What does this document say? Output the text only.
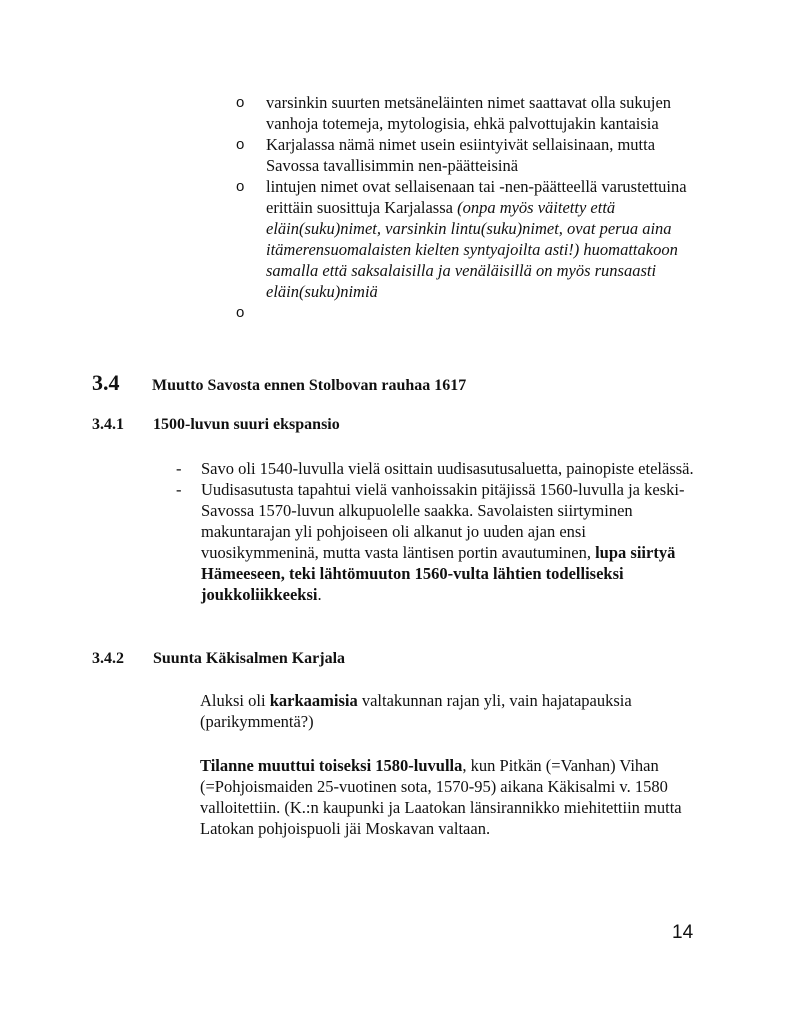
o varsinkin suurten metsäneläinten nimet saattavat olla sukujen vanhoja totemeja, mytologisia, ehkä palvottujakin kantaisia
o Karjalassa nämä nimet usein esiintyivät sellaisinaan, mutta Savossa tavallisimmin nen-päätteisinä
o lintujen nimet ovat sellaisenaan tai -nen-päätteellä varustettuina erittäin suosittuja Karjalassa (onpa myös väitetty että eläin(suku)nimet, varsinkin lintu(suku)nimet, ovat perua aina itämerensuomalaisten kielten syntyajoilta asti!) huomattakoon samalla että saksalaisilla ja venäläisillä on myös runsaasti eläin(suku)nimiä
o
3.4 Muutto Savosta ennen Stolbovan rauhaa 1617
3.4.1 1500-luvun suuri ekspansio
- Savo oli 1540-luvulla vielä osittain uudisasutusaluetta, painopiste etelässä.
- Uudisasutusta tapahtui vielä vanhoissakin pitäjissä 1560-luvulla ja keski-Savossa 1570-luvun alkupuolelle saakka. Savolaisten siirtyminen makuntarajan yli pohjoiseen oli alkanut jo uuden ajan ensi vuosikymmeninä, mutta vasta läntisen portin avautuminen, lupa siirtyä Hämeeseen, teki lähtömuuton 1560-vulta lähtien todelliseksi joukkoliikkeeksi.
3.4.2 Suunta Käkisalmen Karjala
Aluksi oli karkaamisia valtakunnan rajan yli, vain hajatapauksia (parikymmentä?)
Tilanne muuttui toiseksi 1580-luvulla, kun Pitkän (=Vanhan) Vihan (=Pohjoismaiden 25-vuotinen sota, 1570-95) aikana Käkisalmi v. 1580 valloitettiin. (K.:n kaupunki ja Laatokan länsirannikko miehitettiin mutta Latokan pohjoispuoli jäi Moskavan valtaan.
14
